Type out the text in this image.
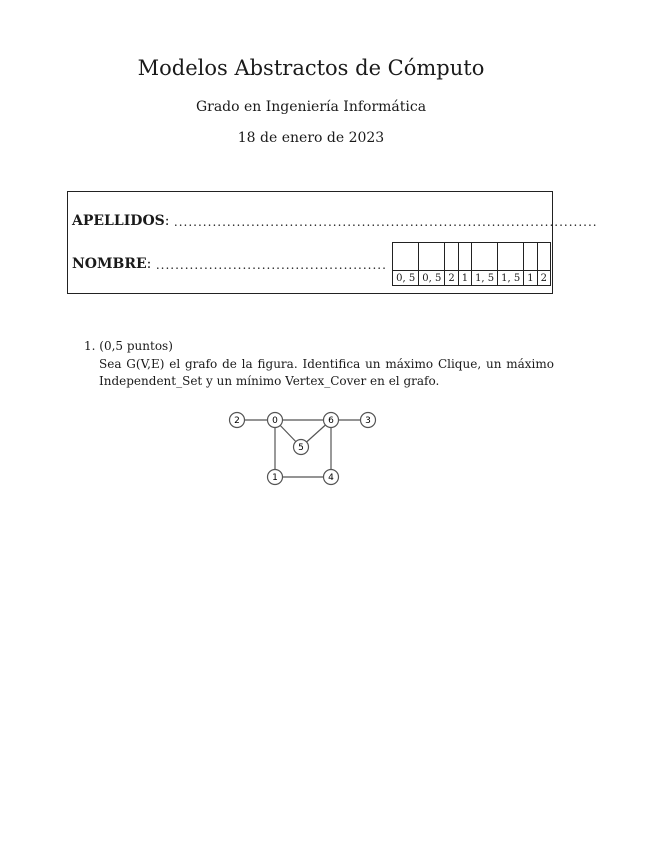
Modelos Abstractos de Cómputo
Grado en Ingeniería Informática
18 de enero de 2023
APELLIDOS: ........................................................................................
NOMBRE: ................................................

0, 5	0, 5	2	1	1, 5	1, 5	1	2
1. (0,5 puntos)
Sea G(V,E) el grafo de la figura. Identifica un máximo Clique, un máximo Independent_Set y un mínimo Vertex_Cover en el grafo.
2	0	6	3
5
1	4
